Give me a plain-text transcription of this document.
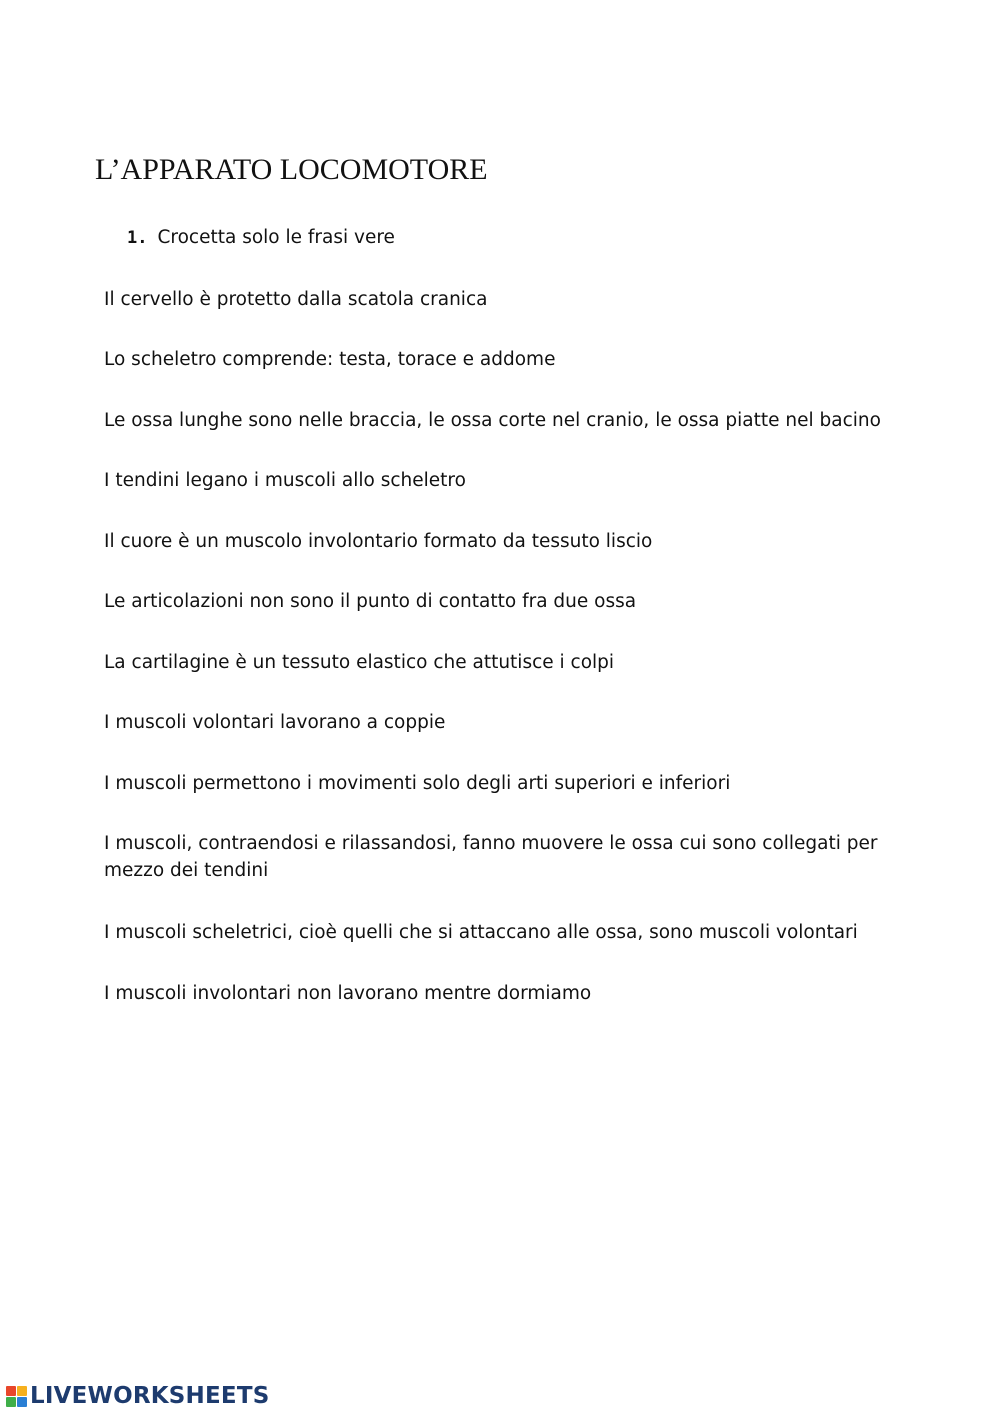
L’APPARATO LOCOMOTORE
1. Crocetta solo le frasi vere
Il cervello è protetto dalla scatola cranica
Lo scheletro comprende: testa, torace e addome
Le ossa lunghe sono nelle braccia, le ossa corte nel cranio, le ossa piatte nel bacino
I tendini legano i muscoli allo scheletro
Il cuore è un muscolo involontario formato da tessuto liscio
Le articolazioni non sono il punto di contatto fra due ossa
La cartilagine è un tessuto elastico che attutisce i colpi
I muscoli volontari lavorano a coppie
I muscoli permettono i movimenti solo degli arti superiori e inferiori
I muscoli, contraendosi e rilassandosi, fanno muovere le ossa cui sono collegati per mezzo dei tendini
I muscoli scheletrici, cioè quelli che si attaccano alle ossa, sono muscoli volontari
I muscoli involontari non lavorano mentre dormiamo
LIVEWORKSHEETS
